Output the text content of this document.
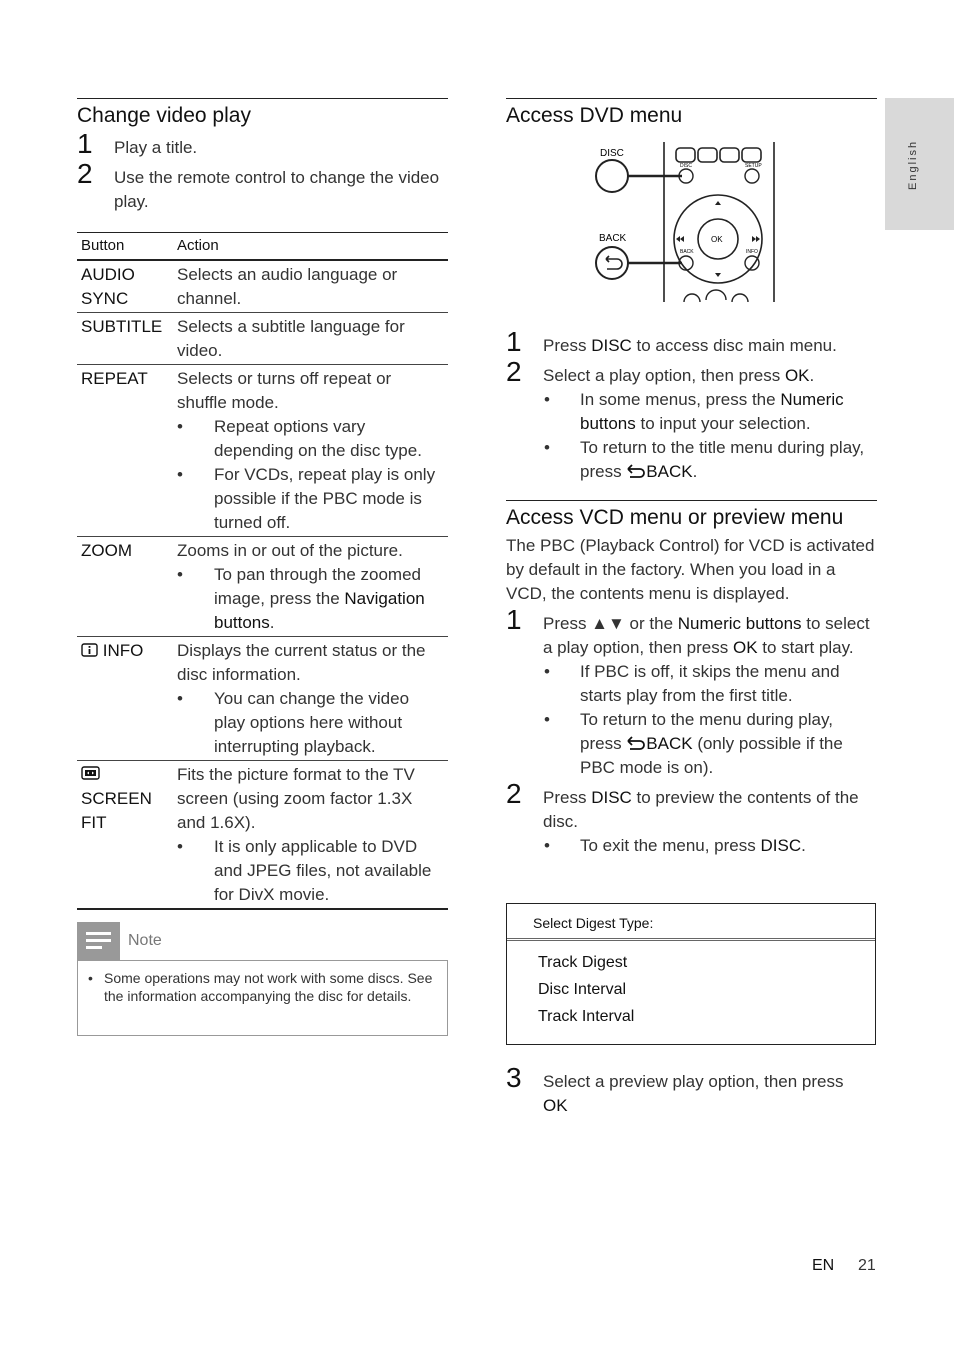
English
Change video play
1 Play a title.
2 Use the remote control to change the video play.
Button	Action
AUDIO SYNC	Selects an audio language or channel.
SUBTITLE	Selects a subtitle language for video.
REPEAT	Selects or turns off repeat or shuffle mode.
• Repeat options vary depending on the disc type.
• For VCDs, repeat play is only possible if the PBC mode is turned off.

ZOOM	Zooms in or out of the picture.
• To pan through the zoomed image, press the Navigation buttons.

INFO	Displays the current status or the disc information.
• You can change the video play options here without interrupting playback.

SCREEN FIT	Fits the picture format to the TV screen (using zoom factor 1.3X and 1.6X).
• It is only applicable to DVD and JPEG files, not available for DivX movie.
Note
• Some operations may not work with some discs. See the information accompanying the disc for details.
Access DVD menu
DISC	SETUP
OK
BACK	INFO
DISC
BACK
1 Press DISC to access disc main menu.
2 Select a play option, then press OK.
• In some menus, press the Numeric buttons to input your selection.
• To return to the title menu during play, press BACK.
Access VCD menu or preview menu
The PBC (Playback Control) for VCD is activated by default in the factory. When you load in a VCD, the contents menu is displayed.
1 Press ▲▼ or the Numeric buttons to select a play option, then press OK to start play.
• If PBC is off, it skips the menu and starts play from the first title.
• To return to the menu during play, press BACK (only possible if the PBC mode is on).
2 Press DISC to preview the contents of the disc.
• To exit the menu, press DISC.
Select Digest Type:
Track Digest
Disc Interval
Track Interval
3 Select a preview play option, then press
OK
EN 21
